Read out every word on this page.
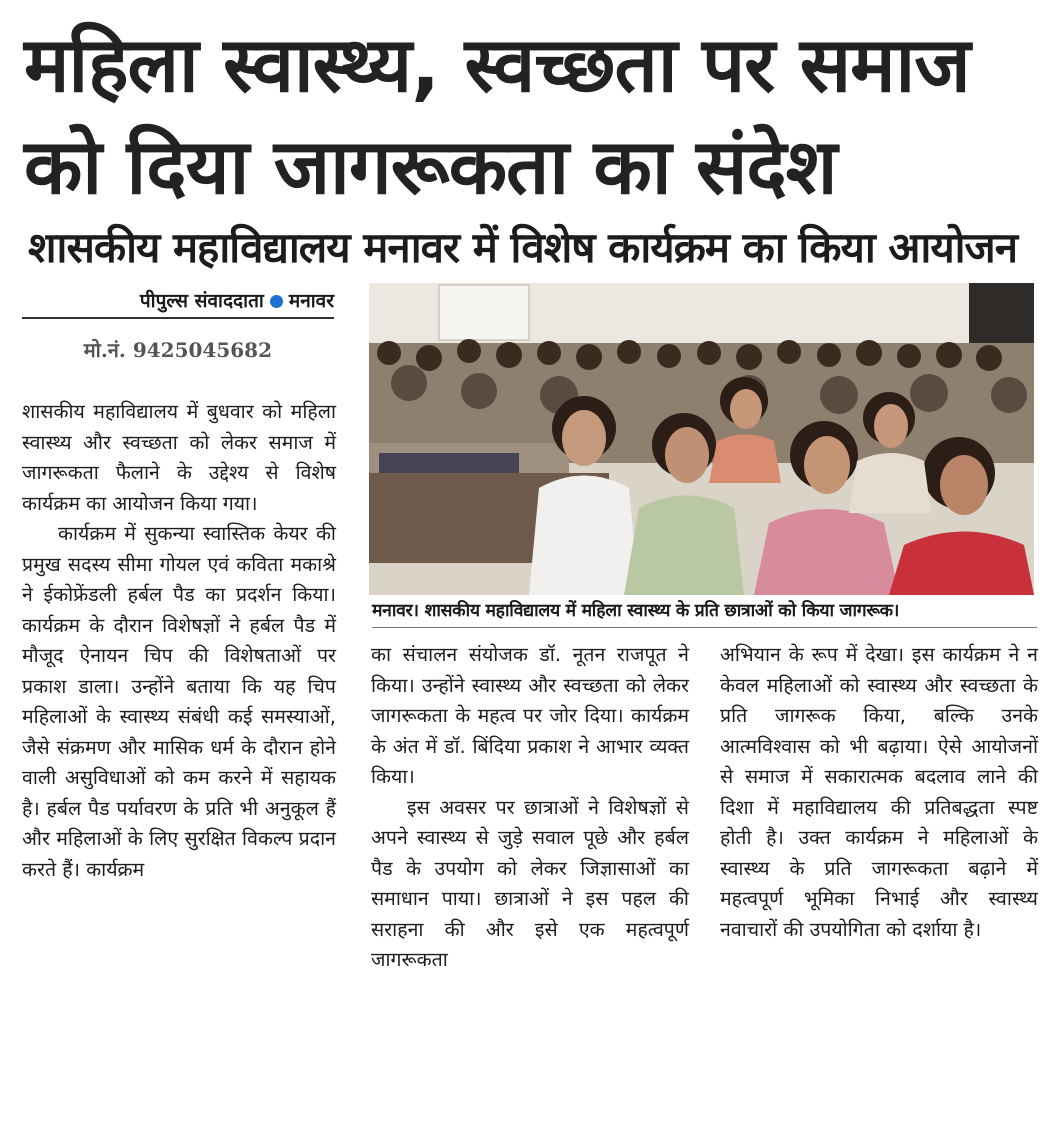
महिला स्वास्थ्य, स्वच्छता पर समाज को दिया जागरूकता का संदेश
शासकीय महाविद्यालय मनावर में विशेष कार्यक्रम का किया आयोजन
पीपुल्स संवाददाता मनावर
मो.नं. 9425045682

शासकीय महाविद्यालय में बुधवार को महिला स्वास्थ्य और स्वच्छता को लेकर समाज में जागरूकता फैलाने के उद्देश्य से विशेष कार्यक्रम का आयोजन किया गया।

कार्यक्रम में सुकन्या स्वास्तिक केयर की प्रमुख सदस्य सीमा गोयल एवं कविता मकाश्रे ने ईकोफ्रेंडली हर्बल पैड का प्रदर्शन किया। कार्यक्रम के दौरान विशेषज्ञों ने हर्बल पैड में मौजूद ऐनायन चिप की विशेषताओं पर प्रकाश डाला। उन्होंने बताया कि यह चिप महिलाओं के स्वास्थ्य संबंधी कई समस्याओं, जैसे संक्रमण और मासिक धर्म के दौरान होने वाली असुविधाओं को कम करने में सहायक है। हर्बल पैड पर्यावरण के प्रति भी अनुकूल हैं और महिलाओं के लिए सुरक्षित विकल्प प्रदान करते हैं। कार्यक्रम

मनावर। शासकीय महाविद्यालय में महिला स्वास्थ्य के प्रति छात्राओं को किया जागरूक।

का संचालन संयोजक डॉ. नूतन राजपूत ने किया। उन्होंने स्वास्थ्य और स्वच्छता को लेकर जागरूकता के महत्व पर जोर दिया। कार्यक्रम के अंत में डॉ. बिंदिया प्रकाश ने आभार व्यक्त किया।

इस अवसर पर छात्राओं ने विशेषज्ञों से अपने स्वास्थ्य से जुड़े सवाल पूछे और हर्बल पैड के उपयोग को लेकर जिज्ञासाओं का समाधान पाया। छात्राओं ने इस पहल की सराहना की और इसे एक महत्वपूर्ण जागरूकता

अभियान के रूप में देखा। इस कार्यक्रम ने न केवल महिलाओं को स्वास्थ्य और स्वच्छता के प्रति जागरूक किया, बल्कि उनके आत्मविश्वास को भी बढ़ाया। ऐसे आयोजनों से समाज में सकारात्मक बदलाव लाने की दिशा में महाविद्यालय की प्रतिबद्धता स्पष्ट होती है। उक्त कार्यक्रम ने महिलाओं के स्वास्थ्य के प्रति जागरूकता बढ़ाने में महत्वपूर्ण भूमिका निभाई और स्वास्थ्य नवाचारों की उपयोगिता को दर्शाया है।
